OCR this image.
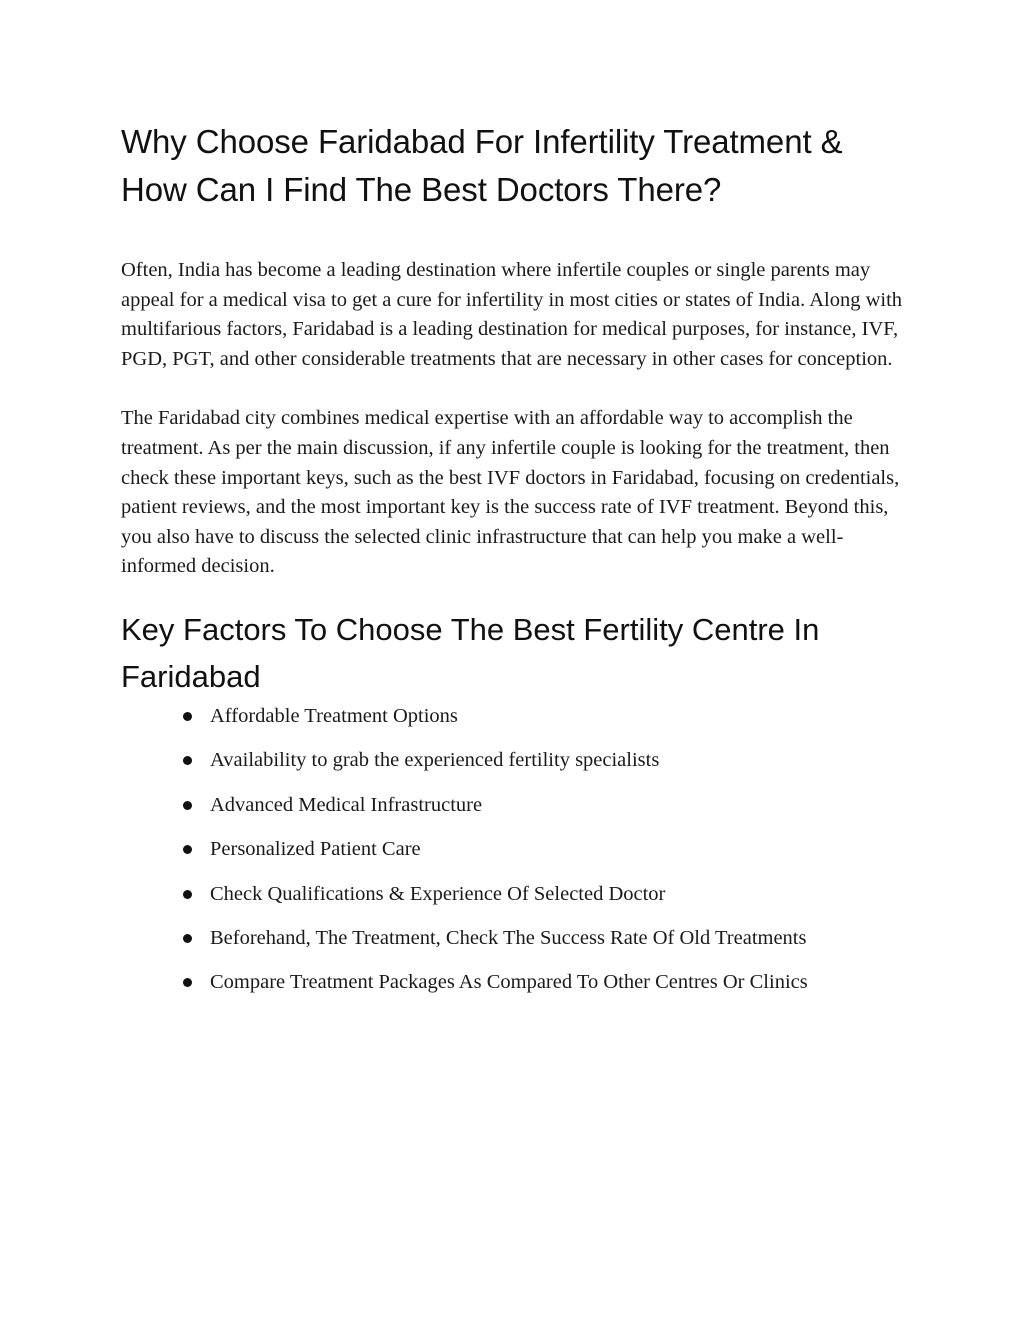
Why Choose Faridabad For Infertility Treatment & How Can I Find The Best Doctors There?

Often, India has become a leading destination where infertile couples or single parents may appeal for a medical visa to get a cure for infertility in most cities or states of India. Along with multifarious factors, Faridabad is a leading destination for medical purposes, for instance, IVF, PGD, PGT, and other considerable treatments that are necessary in other cases for conception.

The Faridabad city combines medical expertise with an affordable way to accomplish the treatment. As per the main discussion, if any infertile couple is looking for the treatment, then check these important keys, such as the best IVF doctors in Faridabad, focusing on credentials, patient reviews, and the most important key is the success rate of IVF treatment. Beyond this, you also have to discuss the selected clinic infrastructure that can help you make a well-informed decision.

Key Factors To Choose The Best Fertility Centre In Faridabad
Affordable Treatment Options
Availability to grab the experienced fertility specialists
Advanced Medical Infrastructure
Personalized Patient Care
Check Qualifications & Experience Of Selected Doctor
Beforehand, The Treatment, Check The Success Rate Of Old Treatments
Compare Treatment Packages As Compared To Other Centres Or Clinics
